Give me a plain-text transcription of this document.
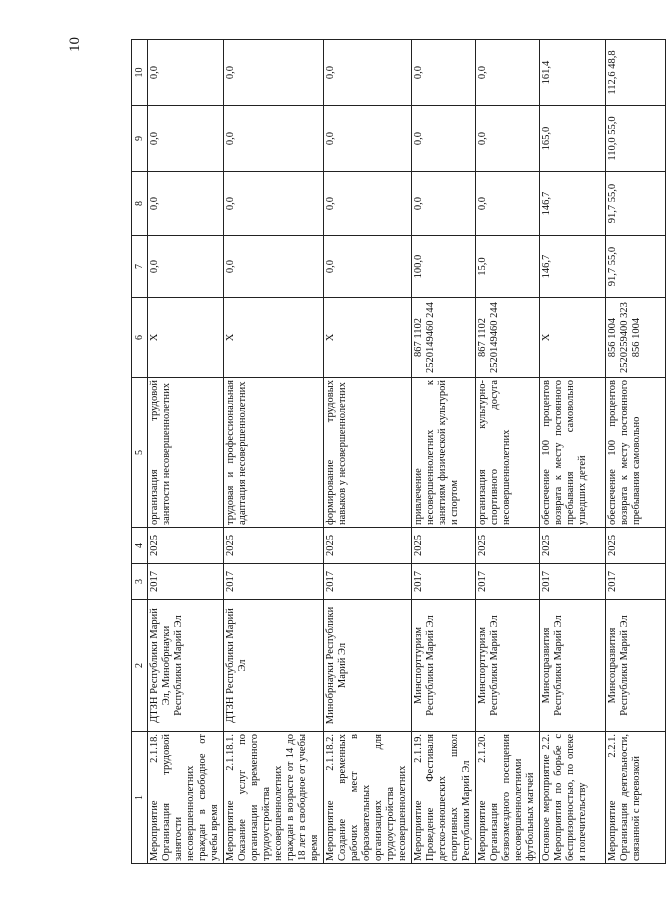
10
1	2	3	4	5	6	7	8	9	10
Мероприятие 2.1.18. Организация трудовой занятости несовершеннолетних граждан в свободное от учебы время	ДТЗН Республики Марий Эл, Минобрнауки Республики Марий Эл	2017	2025	организация трудовой занятости несовершеннолетних	X	0,0	0,0	0,0	0,0
Мероприятие 2.1.18.1. Оказание услуг по организации временного трудоустройства несовершеннолетних граждан в возрасте от 14 до 18 лет в свободное от учебы время	ДТЗН Республики Марий Эл	2017	2025	трудовая и профессиональная адаптация несовершеннолетних	X	0,0	0,0	0,0	0,0
Мероприятие 2.1.18.2. Создание временных рабочих мест в образовательных организациях для трудоустройства несовершеннолетних	Минобрнауки Республики Марий Эл	2017	2025	формирование трудовых навыков у несовершеннолетних	X	0,0	0,0	0,0	0,0
Мероприятие 2.1.19. Проведение Фестиваля детско-юношеских спортивных школ Республики Марий Эл	Минспорттуризм Республики Марий Эл	2017	2025	привлечение несовершеннолетних к занятиям физической культурой и спортом	867 1102 2520149460 244	100,0	0,0	0,0	0,0
Мероприятие 2.1.20. Организация безвозмездного посещения несовершеннолетними футбольных матчей	Минспорттуризм Республики Марий Эл	2017	2025	организация культурно-спортивного досуга несовершеннолетних	867 1102 2520149460 244	15,0	0,0	0,0	0,0
Основное мероприятие 2.2. Мероприятия по борьбе с беспризорностью, по опеке и попечительству	Минсоцразвития Республики Марий Эл	2017	2025	обеспечение 100 процентов возврата к месту постоянного пребывания самовольно ушедших детей	X	146,7	146,7	165,0	161,4
Мероприятие 2.2.1. Организация деятельности, связанной с перевозкой	Минсоцразвития Республики Марий Эл	2017	2025	обеспечение 100 процентов возврата к месту постоянного пребывания самовольно	856 1004 2520259400 323 856 1004	91,7 55,0	91,7 55,0	110,0 55,0	112,6 48,8
